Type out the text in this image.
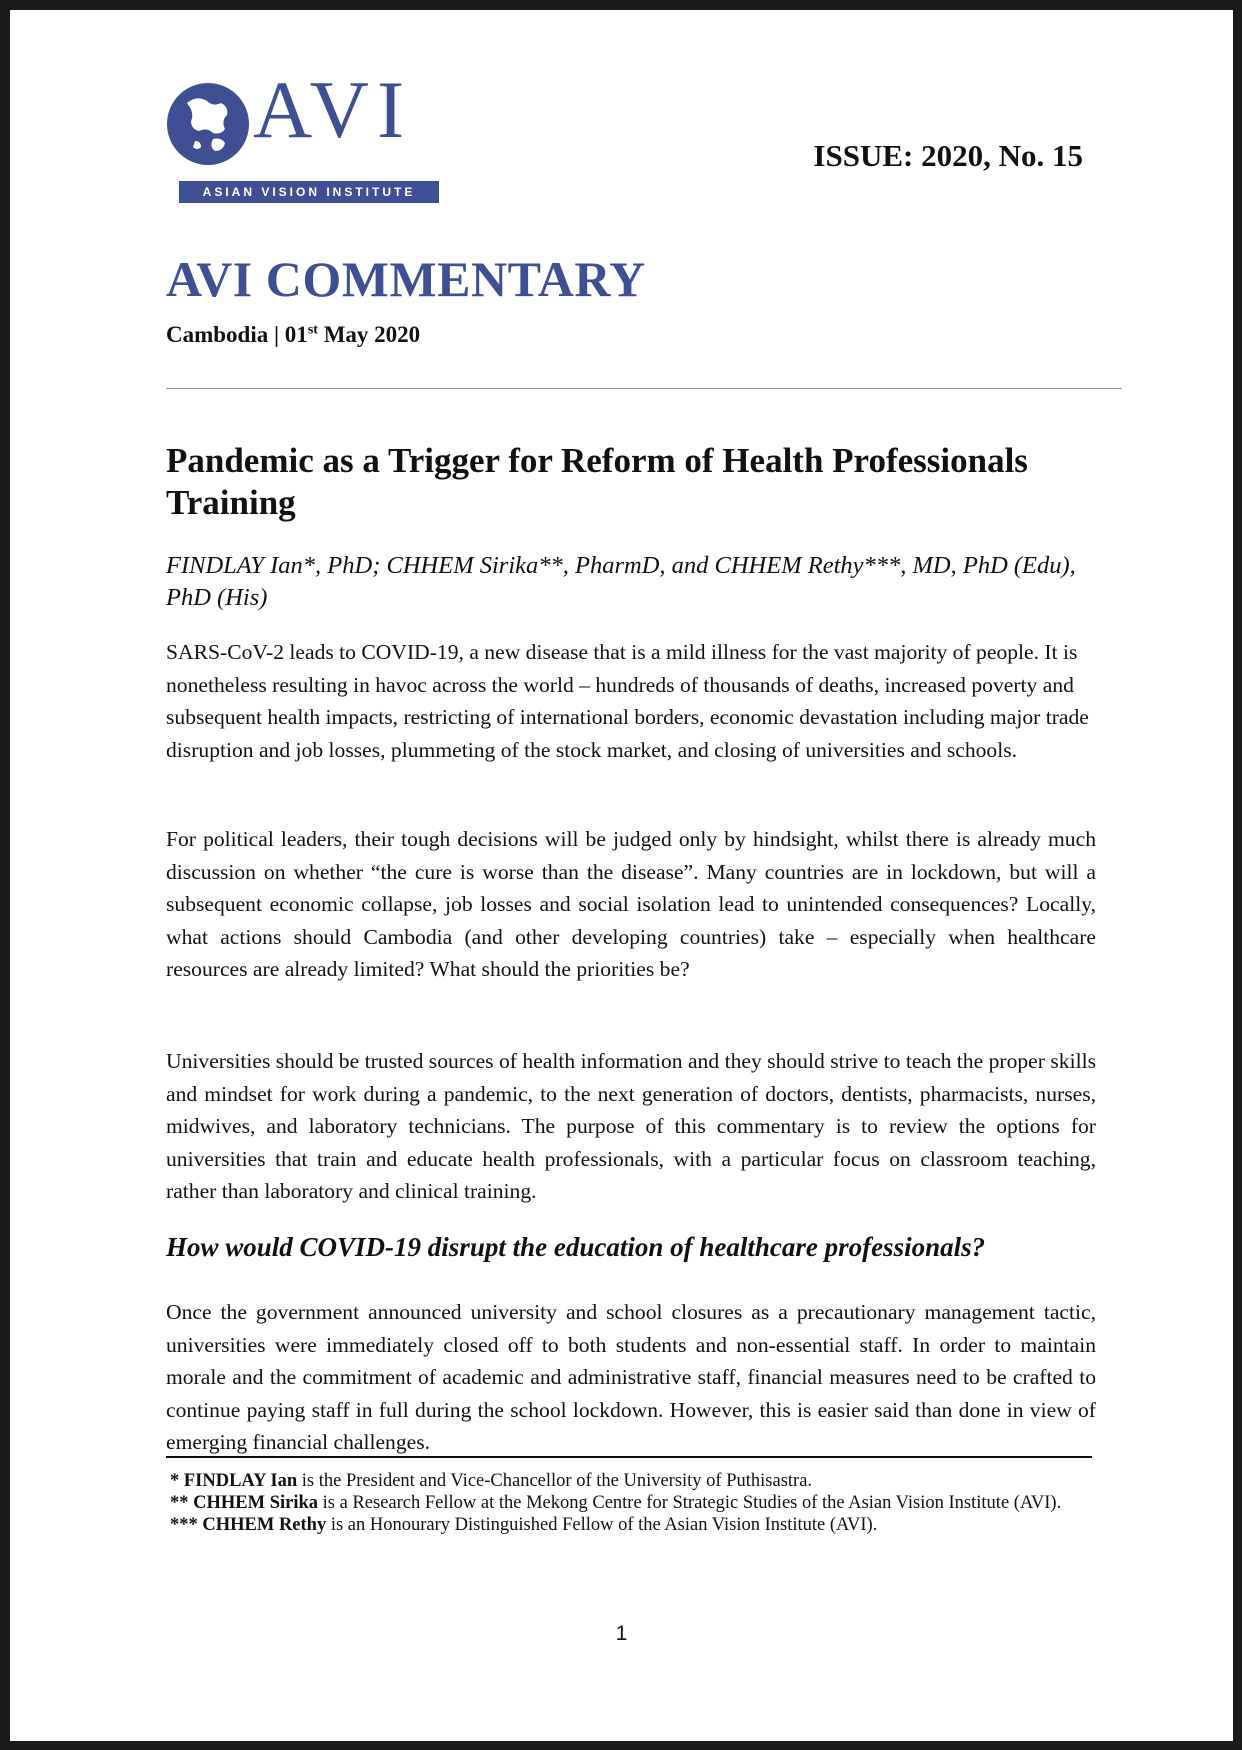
AVI
ASIAN VISION INSTITUTE
ISSUE: 2020, No. 15
AVI COMMENTARY
Cambodia | 01st May 2020
Pandemic as a Trigger for Reform of Health Professionals Training
FINDLAY Ian*, PhD; CHHEM Sirika**, PharmD, and CHHEM Rethy***, MD, PhD (Edu), PhD (His)

SARS-CoV-2 leads to COVID-19, a new disease that is a mild illness for the vast majority of people. It is nonetheless resulting in havoc across the world – hundreds of thousands of deaths, increased poverty and subsequent health impacts, restricting of international borders, economic devastation including major trade disruption and job losses, plummeting of the stock market, and closing of universities and schools.

For political leaders, their tough decisions will be judged only by hindsight, whilst there is already much discussion on whether “the cure is worse than the disease”. Many countries are in lockdown, but will a subsequent economic collapse, job losses and social isolation lead to unintended consequences? Locally, what actions should Cambodia (and other developing countries) take – especially when healthcare resources are already limited? What should the priorities be?

Universities should be trusted sources of health information and they should strive to teach the proper skills and mindset for work during a pandemic, to the next generation of doctors, dentists, pharmacists, nurses, midwives, and laboratory technicians. The purpose of this commentary is to review the options for universities that train and educate health professionals, with a particular focus on classroom teaching, rather than laboratory and clinical training.

How would COVID-19 disrupt the education of healthcare professionals?

Once the government announced university and school closures as a precautionary management tactic, universities were immediately closed off to both students and non-essential staff. In order to maintain morale and the commitment of academic and administrative staff, financial measures need to be crafted to continue paying staff in full during the school lockdown. However, this is easier said than done in view of emerging financial challenges.

* FINDLAY Ian is the President and Vice-Chancellor of the University of Puthisastra.

** CHHEM Sirika is a Research Fellow at the Mekong Centre for Strategic Studies of the Asian Vision Institute (AVI).

*** CHHEM Rethy is an Honourary Distinguished Fellow of the Asian Vision Institute (AVI).

1
